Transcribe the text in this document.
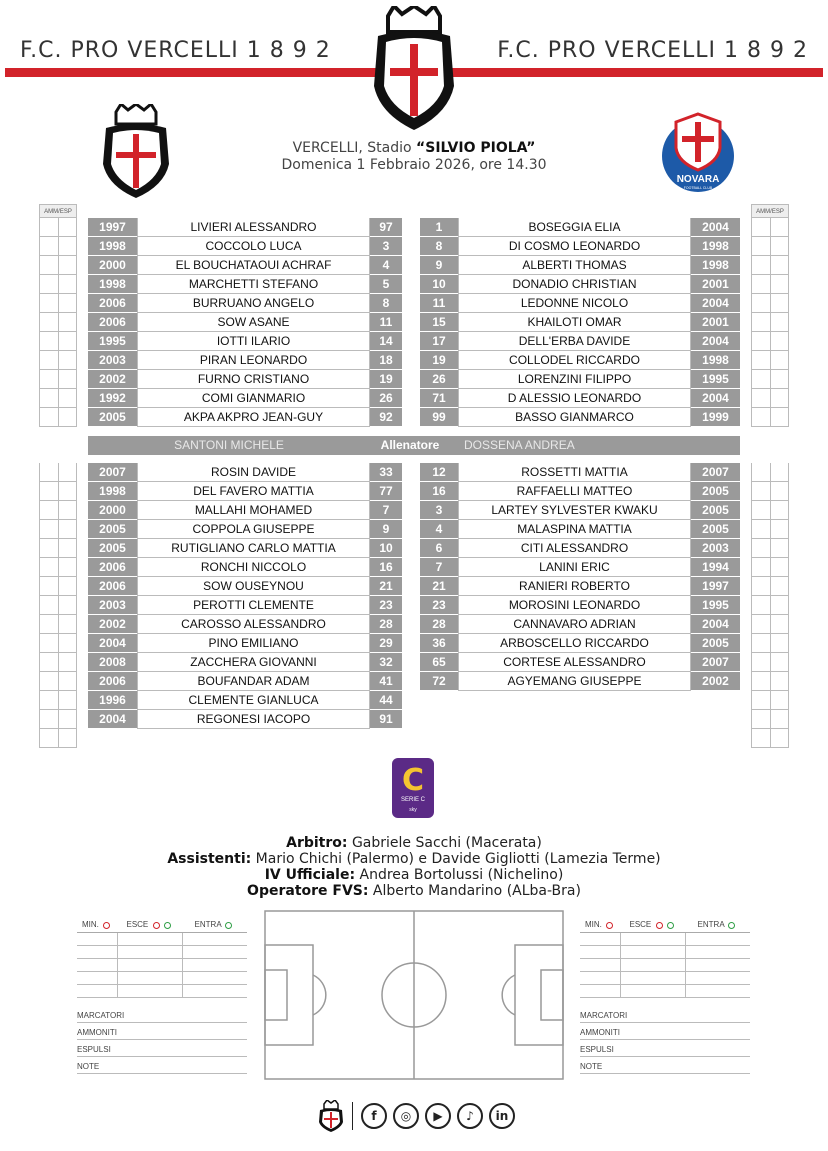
F.C. PRO VERCELLI 1 8 9 2	F.C. PRO VERCELLI 1 8 9 2
NOVARA
FOOTBALL CLUB
VERCELLI, Stadio “SILVIO PIOLA”
Domenica 1 Febbraio 2026, ore 14.30
AMM/ESP	AMM/ESP
1997	LIVIERI ALESSANDRO	97
1998	COCCOLO LUCA	3
2000	EL BOUCHATAOUI ACHRAF	4
1998	MARCHETTI STEFANO	5
2006	BURRUANO ANGELO	8
2006	SOW ASANE	11
1995	IOTTI ILARIO	14
2003	PIRAN LEONARDO	18
2002	FURNO CRISTIANO	19
1992	COMI GIANMARIO	26
2005	AKPA AKPRO JEAN-GUY	92
1	BOSEGGIA ELIA	2004
8	DI COSMO LEONARDO	1998
9	ALBERTI THOMAS	1998
10	DONADIO CHRISTIAN	2001
11	LEDONNE NICOLO	2004
15	KHAILOTI OMAR	2001
17	DELL'ERBA DAVIDE	2004
19	COLLODEL RICCARDO	1998
26	LORENZINI FILIPPO	1995
71	D ALESSIO LEONARDO	2004
99	BASSO GIANMARCO	1999
SANTONI MICHELE	Allenatore	DOSSENA ANDREA
2007	ROSIN DAVIDE	33
1998	DEL FAVERO MATTIA	77
2000	MALLAHI MOHAMED	7
2005	COPPOLA GIUSEPPE	9
2005	RUTIGLIANO CARLO MATTIA	10
2006	RONCHI NICCOLO	16
2006	SOW OUSEYNOU	21
2003	PEROTTI CLEMENTE	23
2002	CAROSSO ALESSANDRO	28
2004	PINO EMILIANO	29
2008	ZACCHERA GIOVANNI	32
2006	BOUFANDAR ADAM	41
1996	CLEMENTE GIANLUCA	44
2004	REGONESI IACOPO	91
12	ROSSETTI MATTIA	2007
16	RAFFAELLI MATTEO	2005
3	LARTEY SYLVESTER KWAKU	2005
4	MALASPINA MATTIA	2005
6	CITI ALESSANDRO	2003
7	LANINI ERIC	1994
21	RANIERI ROBERTO	1997
23	MOROSINI LEONARDO	1995
28	CANNAVARO ADRIAN	2004
36	ARBOSCELLO RICCARDO	2005
65	CORTESE ALESSANDRO	2007
72	AGYEMANG GIUSEPPE	2002
C
SERIE C
sky
Arbitro: Gabriele Sacchi (Macerata)
Assistenti: Mario Chichi (Palermo) e Davide Gigliotti (Lamezia Terme)
IV Ufficiale: Andrea Bortolussi (Nichelino)
Operatore FVS: Alberto Mandarino (ALba-Bra)
MIN.	ESCE	ENTRA

MARCATORI
AMMONITI
ESPULSI
NOTE
MIN.	ESCE	ENTRA

MARCATORI
AMMONITI
ESPULSI
NOTE
f	◎	▶	♪	in
